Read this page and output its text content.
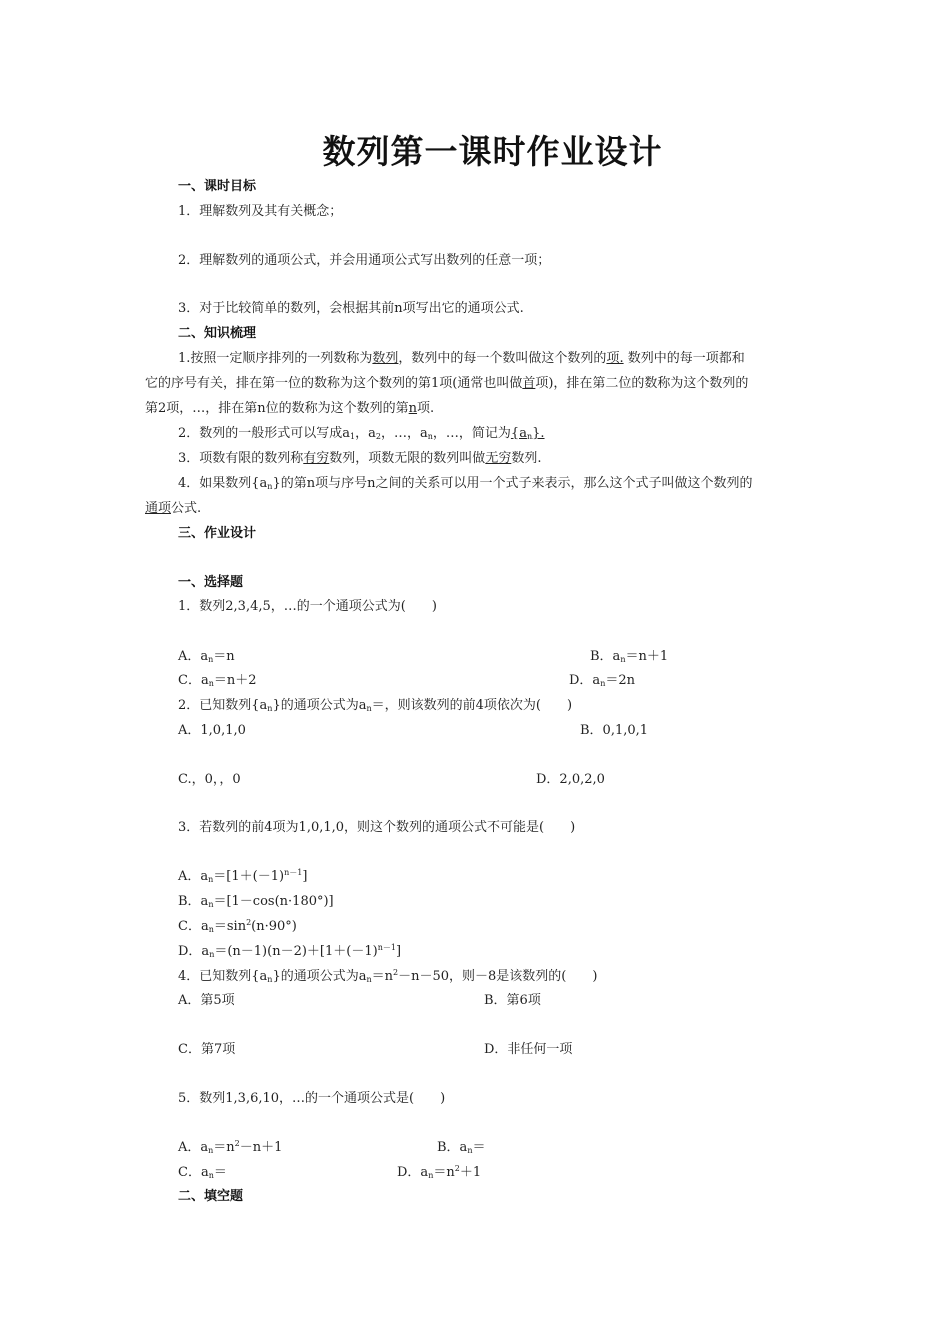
数列第一课时作业设计
一、课时目标
1．理解数列及其有关概念；
2．理解数列的通项公式，并会用通项公式写出数列的任意一项；
3．对于比较简单的数列，会根据其前n项写出它的通项公式.
二、知识梳理
1.按照一定顺序排列的一列数称为数列，数列中的每一个数叫做这个数列的项. 数列中的每一项都和
它的序号有关，排在第一位的数称为这个数列的第1项(通常也叫做首项)，排在第二位的数称为这个数列的
第2项，…，排在第n位的数称为这个数列的第n项.
2．数列的一般形式可以写成$a_1$，$a_2$，…，$a_n$，…，简记为$\{a_n\}$.
3．项数有限的数列称有穷数列，项数无限的数列叫做无穷数列.
4．如果数列$\{a_n\}$的第n项与序号n之间的关系可以用一个式子来表示，那么这个式子叫做这个数列的
通项公式.
三、作业设计
一、选择题
1．数列2,3,4,5，…的一个通项公式为(　　)
A．$a_n=n$	B．$a_n=n+1$
C．$a_n=n+2$	D．$a_n=2n$
2．已知数列$\{a_n\}$的通项公式为$a_n=$，则该数列的前4项依次为(　　)
A．1,0,1,0	B．0,1,0,1
C.，0，，0	D．2,0,2,0
3．若数列的前4项为1,0,1,0，则这个数列的通项公式不可能是(　　)
A．$a_n=[1+(-1)^{n-1}]$
B．$a_n=[1-\cos(n\cdot 180^\circ)]$
C．$a_n=\sin^2(n\cdot 90^\circ)$
D．$a_n=(n-1)(n-2)+[1+(-1)^{n-1}]$
4．已知数列$\{a_n\}$的通项公式为$a_n=n^2-n-50$，则－8是该数列的(　　)
A．第5项	B．第6项
C．第7项	D．非任何一项
5．数列1,3,6,10，…的一个通项公式是(　　)
A．$a_n=n^2-n+1$	B．$a_n=$
C．$a_n=$	D．$a_n=n^2+1$
二、填空题
